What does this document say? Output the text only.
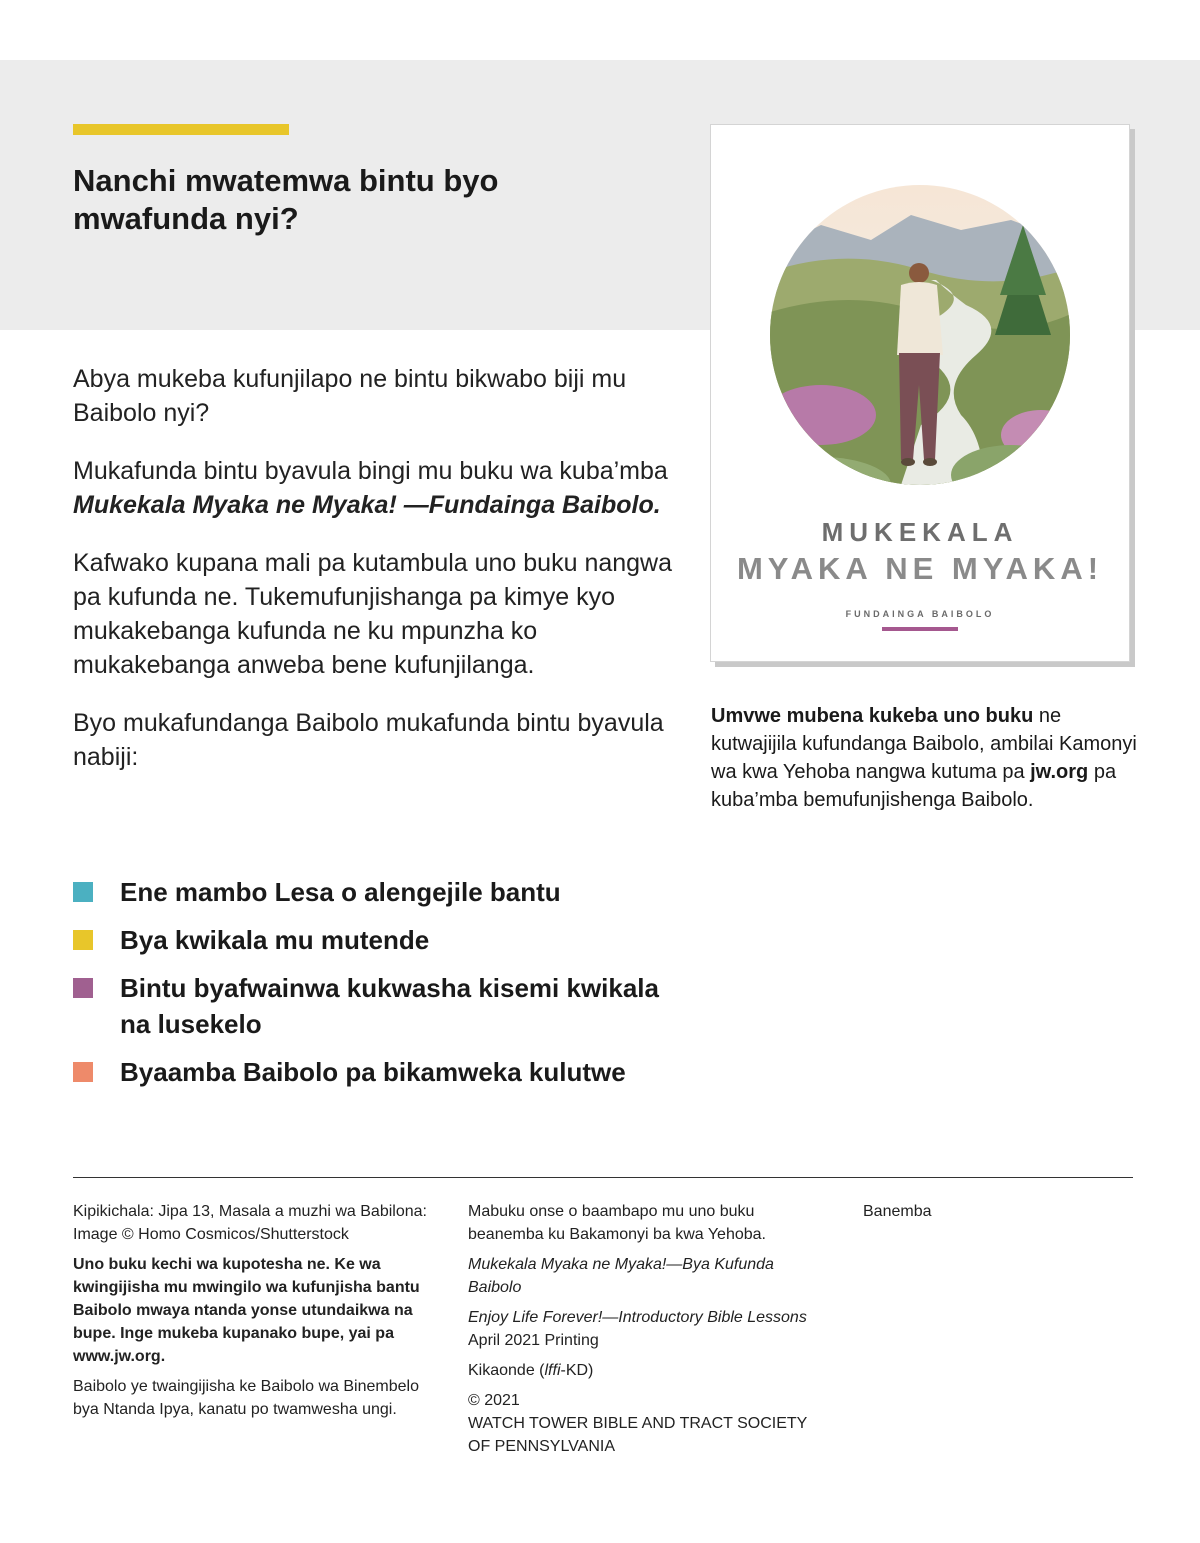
Nanchi mwatemwa bintu byo mwafunda nyi?

Abya mukeba kufunjilapo ne bintu bikwabo biji mu Baibolo nyi?

Mukafunda bintu byavula bingi mu buku wa kuba’mba Mukekala Myaka ne Myaka! —Fundainga Baibolo.

Kafwako kupana mali pa kutambula uno buku nangwa pa kufunda ne. Tukemufunjishanga pa kimye kyo mukakebanga kufunda ne ku mpunzha ko mukakebanga anweba bene kufunjilanga.

Byo mukafundanga Baibolo mukafunda bintu byavula nabiji:

Ene mambo Lesa o alengejile bantu
Bya kwikala mu mutende
Bintu byafwainwa kukwasha kisemi kwikala na lusekelo
Byaamba Baibolo pa bikamweka kulutwe
MUKEKALA
MYAKA NE MYAKA!
FUNDAINGA BAIBOLO

Umvwe mubena kukeba uno buku ne kutwajijila kufundanga Baibolo, ambilai Kamonyi wa kwa Yehoba nangwa kutuma pa jw.org pa kuba’mba bemufunjishenga Baibolo.

Kipikichala: Jipa 13, Masala a muzhi wa Babilona: Image © Homo Cosmicos/Shutterstock

Uno buku kechi wa kupotesha ne. Ke wa kwingijisha mu mwingilo wa kufunjisha bantu Baibolo mwaya ntanda yonse utundaikwa na bupe. Inge mukeba kupanako bupe, yai pa www.jw.org.

Baibolo ye twaingijisha ke Baibolo wa Binembelo bya Ntanda Ipya, kanatu po twamwesha ungi.

Mabuku onse o baambapo mu uno buku beanemba ku Bakamonyi ba kwa Yehoba.

Mukekala Myaka ne Myaka!—Bya Kufunda Baibolo

Enjoy Life Forever!—Introductory Bible Lessons

April 2021 Printing

Kikaonde (lffi-KD)

© 2021

WATCH TOWER BIBLE AND TRACT SOCIETY OF PENNSYLVANIA

Banemba
